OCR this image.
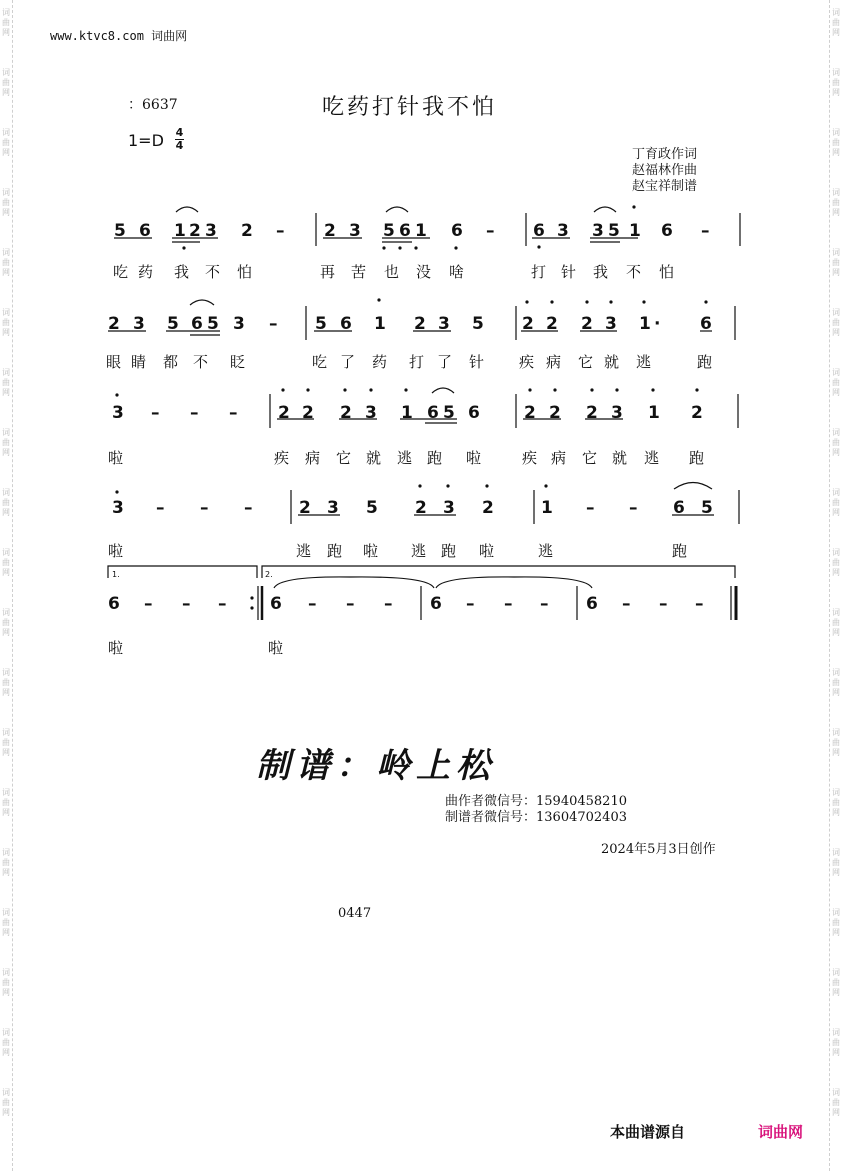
www.ktvc8.com 词曲网
：6637	吃药打针我不怕
1=D 4
4
丁育政作词
赵福林作曲
赵宝祥制谱
5 6 1 2 3 2 – 2 3 5 6 1 6 – 6 3 3 5 1 6 –
吃 药 我 不 怕	再 苦 也 没 啥	打 针 我 不 怕
2 3 5 6 5 3 – 5 6 1 2 3 5 2 2 2 3 1 · 6
眼 睛 都 不 眨	吃 了 药 打 了 针 疾 病 它 就 逃	跑
3 – – – 2 2 2 3 1 6 5 6	2 2 2 3 1 2
啦	疾 病 它 就 逃 跑 啦	疾 病 它 就 逃 跑
3 – – –	2 3 5 2 3 2	1 – – 6 5
啦	逃 跑 啦 逃 跑 啦	逃	跑
1.	2.
6 – – –	6 – – – 6 – – – 6 – – –
啦	啦
制谱：岭上松
曲作者微信号：15940458210
制谱者微信号：13604702403
2024年5月3日创作
0447
本曲谱源自	词曲网
词
曲
网
词
曲
网
词
曲
网
词
曲
网
词
曲
网
词
曲
网
词
曲
网
词
曲
网
词
曲
网
词
曲
网
词
曲
网
词
曲
网
词
曲
网
词
曲
网
词
曲
网
词
曲
网
词
曲
网
词
曲
网
词
曲
网
词
曲
网
词
曲
网
词
曲
网
词
曲
网
词
曲
网
词
曲
网
词
曲
网
词
曲
网
词
曲
网
词
曲
网
词
曲
网
词
曲
网
词
曲
网
词
曲
网
词
曲
网
词
曲
网
词
曲
网
词
曲
网
词
曲
网
